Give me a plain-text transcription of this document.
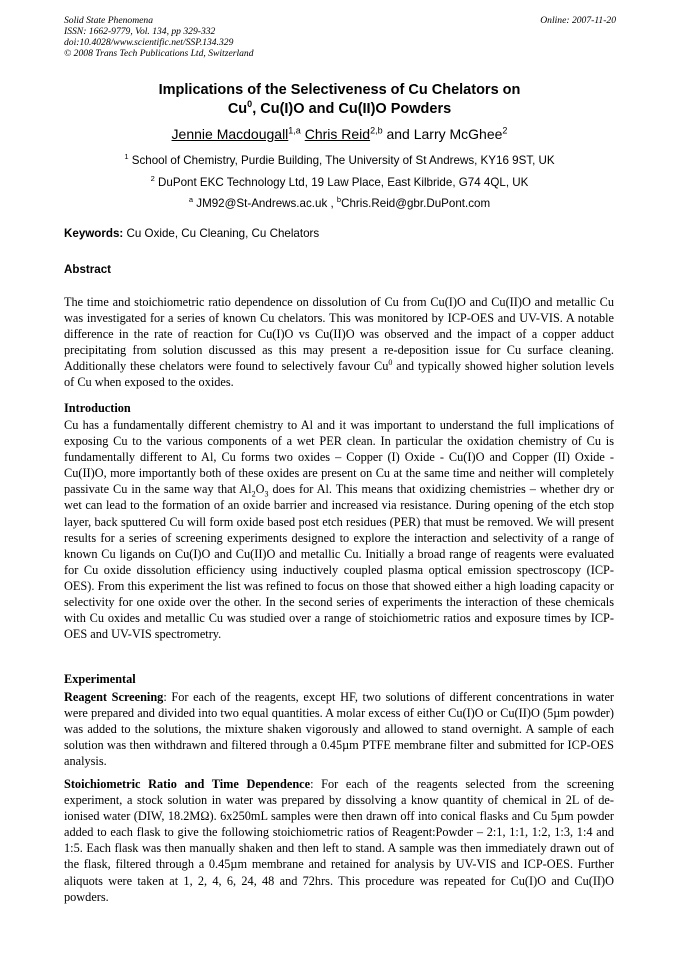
Solid State Phenomena
ISSN: 1662-9779, Vol. 134, pp 329-332
doi:10.4028/www.scientific.net/SSP.134.329
© 2008 Trans Tech Publications Ltd, Switzerland
Online: 2007-11-20
Implications of the Selectiveness of Cu Chelators on
Cu$^0$, Cu(I)O and Cu(II)O Powders
Jennie Macdougall$^{1,a}$ Chris Reid$^{2,b}$ and Larry McGhee$^2$
$^1$ School of Chemistry, Purdie Building, The University of St Andrews, KY16 9ST, UK
$^2$ DuPont EKC Technology Ltd, 19 Law Place, East Kilbride, G74 4QL, UK
$^a$ JM92@St-Andrews.ac.uk , $^b$Chris.Reid@gbr.DuPont.com
Keywords: Cu Oxide, Cu Cleaning, Cu Chelators
Abstract

The time and stoichiometric ratio dependence on dissolution of Cu from Cu(I)O and Cu(II)O and metallic Cu was investigated for a series of known Cu chelators. This was monitored by ICP-OES and UV-VIS. A notable difference in the rate of reaction for Cu(I)O vs Cu(II)O was observed and the impact of a copper adduct precipitating from solution discussed as this may present a re-deposition issue for Cu surface cleaning. Additionally these chelators were found to selectively favour Cu$^0$ and typically showed higher solution levels of Cu when exposed to the oxides.

Introduction

Cu has a fundamentally different chemistry to Al and it was important to understand the full implications of exposing Cu to the various components of a wet PER clean. In particular the oxidation chemistry of Cu is fundamentally different to Al, Cu forms two oxides – Copper (I) Oxide - Cu(I)O and Copper (II) Oxide - Cu(II)O, more importantly both of these oxides are present on Cu at the same time and neither will completely passivate Cu in the same way that $Al_2O_3$ does for Al. This means that oxidizing chemistries – whether dry or wet can lead to the formation of an oxide barrier and increased via resistance. During opening of the etch stop layer, back sputtered Cu will form oxide based post etch residues (PER) that must be removed. We will present results for a series of screening experiments designed to explore the interaction and selectivity of a range of known Cu ligands on Cu(I)O and Cu(II)O and metallic Cu. Initially a broad range of reagents were evaluated for Cu oxide dissolution efficiency using inductively coupled plasma optical emission spectroscopy (ICP-OES). From this experiment the list was refined to focus on those that showed either a high loading capacity or selectivity for one oxide over the other. In the second series of experiments the interaction of these chemicals with Cu oxides and metallic Cu was studied over a range of stoichiometric ratios and exposure times by ICP-OES and UV-VIS spectrometry.

Experimental

Reagent Screening: For each of the reagents, except HF, two solutions of different concentrations in water were prepared and divided into two equal quantities. A molar excess of either Cu(I)O or Cu(II)O (5µm powder) was added to the solutions, the mixture shaken vigorously and allowed to stand overnight. A sample of each solution was then withdrawn and filtered through a 0.45µm PTFE membrane filter and submitted for ICP-OES analysis.

Stoichiometric Ratio and Time Dependence: For each of the reagents selected from the screening experiment, a stock solution in water was prepared by dissolving a know quantity of chemical in 2L of de-ionised water (DIW, 18.2MΩ). 6x250mL samples were then drawn off into conical flasks and Cu 5µm powder added to each flask to give the following stoichiometric ratios of Reagent:Powder – 2:1, 1:1, 1:2, 1:3, 1:4 and 1:5. Each flask was then manually shaken and then left to stand. A sample was then immediately drawn out of the flask, filtered through a 0.45µm membrane and retained for analysis by UV-VIS and ICP-OES. Further aliquots were taken at 1, 2, 4, 6, 24, 48 and 72hrs. This procedure was repeated for Cu(I)O and Cu(II)O powders.
